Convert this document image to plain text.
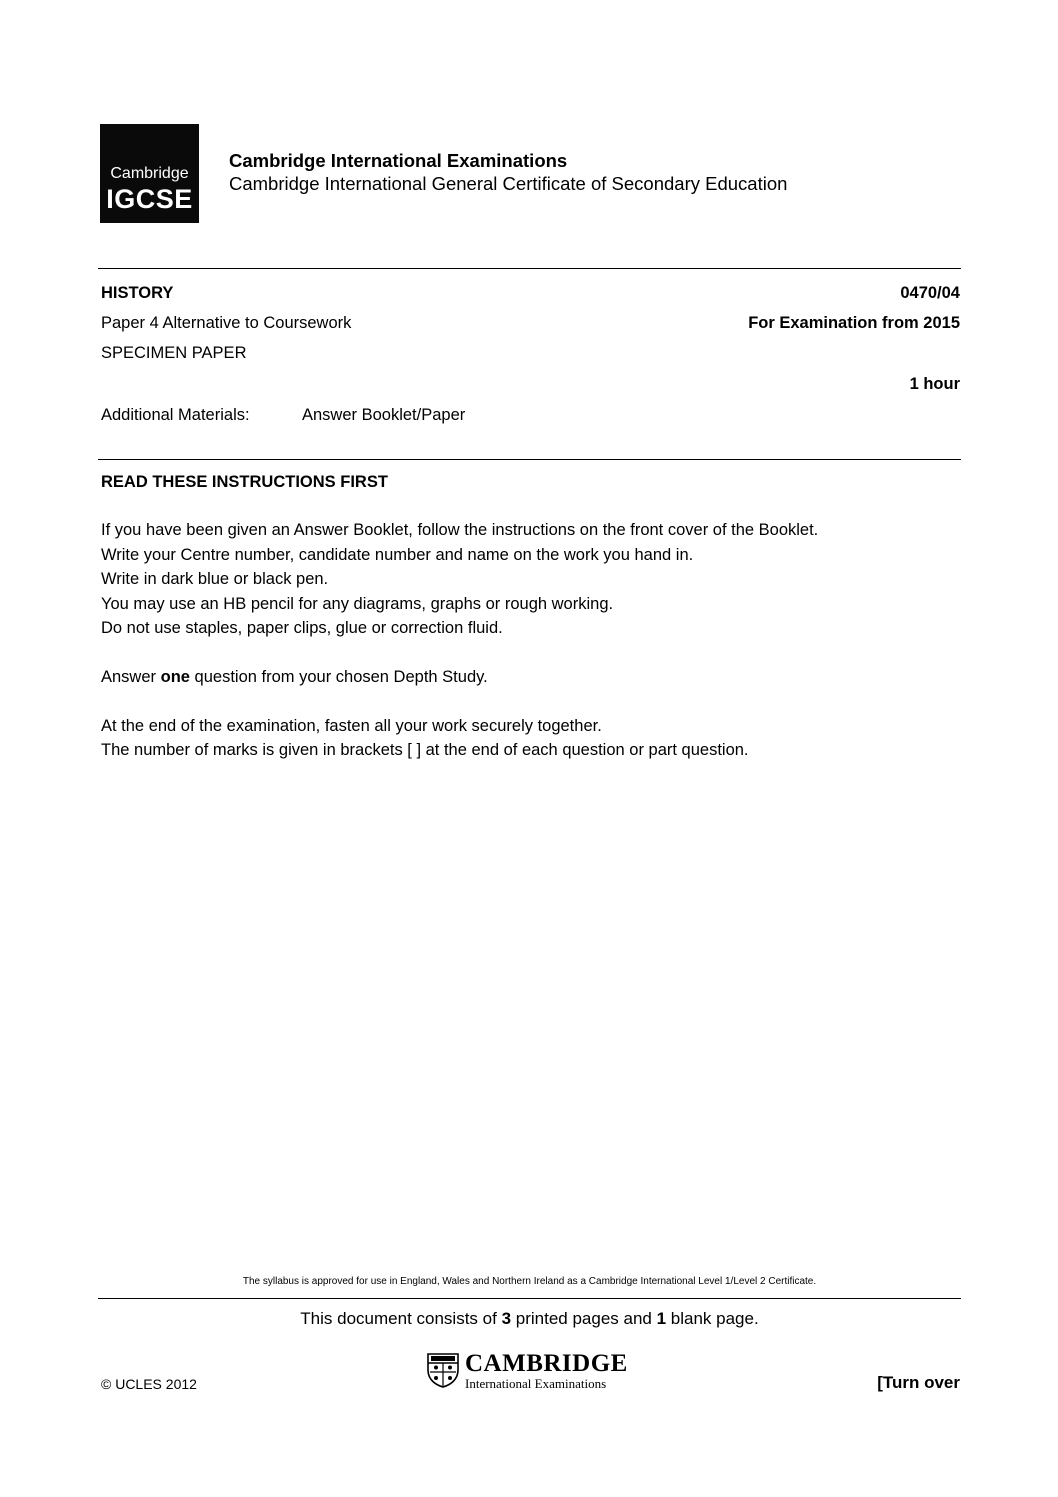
Cambridge
IGCSE
Cambridge International Examinations
Cambridge International General Certificate of Secondary Education
HISTORY	0470/04
Paper 4 Alternative to Coursework	For Examination from 2015
SPECIMEN PAPER
1 hour
Additional Materials:	Answer Booklet/Paper
READ THESE INSTRUCTIONS FIRST

If you have been given an Answer Booklet, follow the instructions on the front cover of the Booklet.

Write your Centre number, candidate number and name on the work you hand in.

Write in dark blue or black pen.

You may use an HB pencil for any diagrams, graphs or rough working.

Do not use staples, paper clips, glue or correction fluid.

Answer one question from your chosen Depth Study.

At the end of the examination, fasten all your work securely together.

The number of marks is given in brackets [ ] at the end of each question or part question.

The syllabus is approved for use in England, Wales and Northern Ireland as a Cambridge International Level 1/Level 2 Certificate.
This document consists of 3 printed pages and 1 blank page.
CAMBRIDGE
International Examinations
© UCLES 2012	[Turn over
